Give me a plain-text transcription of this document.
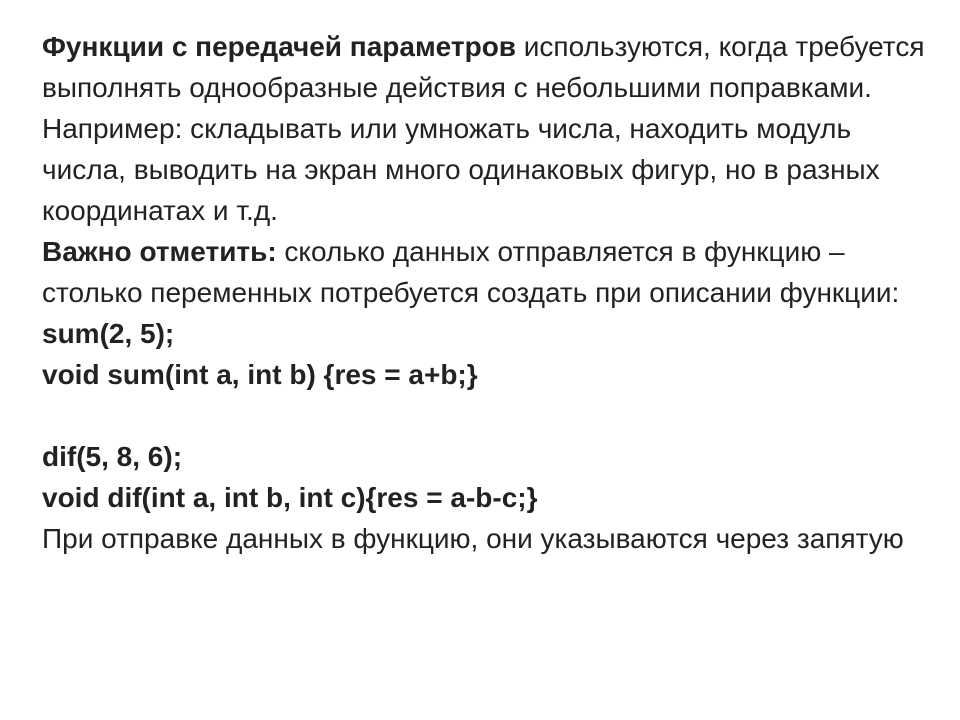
Функции с передачей параметров используются, когда требуется выполнять однообразные действия с небольшими поправками. Например: складывать или умножать числа, находить модуль числа, выводить на экран много одинаковых фигур, но в разных координатах и т.д.

Важно отметить: сколько данных отправляется в функцию – столько переменных потребуется создать при описании функции:

sum(2, 5);
void sum(int a, int b) {res = a+b;}
dif(5, 8, 6);
void dif(int a, int b, int c){res = a-b-c;}

При отправке данных в функцию, они указываются через запятую
